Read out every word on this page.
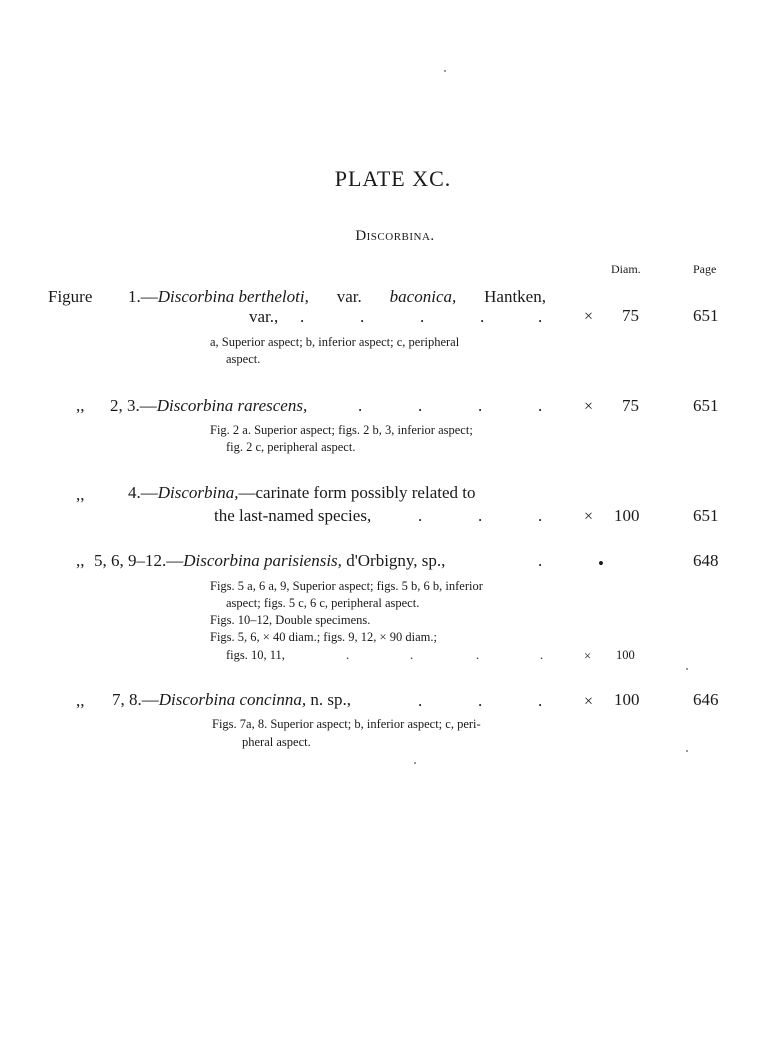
PLATE XC.
Discorbina.
Diam.	Page
Figure 1.—Discorbina bertheloti, var. baconica, Hantken,
var., .	.	.	.	.	× 75	651
a, Superior aspect; b, inferior aspect; c, peripheral
aspect.
,, 2, 3.—Discorbina rarescens,	.	.	.	.	× 75	651
Fig. 2 a. Superior aspect; figs. 2 b, 3, inferior aspect;
fig. 2 c, peripheral aspect.
,,	4.—Discorbina,—carinate form possibly related to
the last-named species,	.	.	.	× 100	651
,, 5, 6, 9–12.—Discorbina parisiensis, d'Orbigny, sp.,	.	•	648
Figs. 5 a, 6 a, 9, Superior aspect; figs. 5 b, 6 b, inferior
aspect; figs. 5 c, 6 c, peripheral aspect.
Figs. 10–12, Double specimens.
Figs. 5, 6, × 40 diam.; figs. 9, 12, × 90 diam.;
figs. 10, 11,	.	.	.	.	× 100
,, 7, 8.—Discorbina concinna, n. sp.,	.	.	.	× 100	646
Figs. 7a, 8. Superior aspect; b, inferior aspect; c, peri-
pheral aspect.
